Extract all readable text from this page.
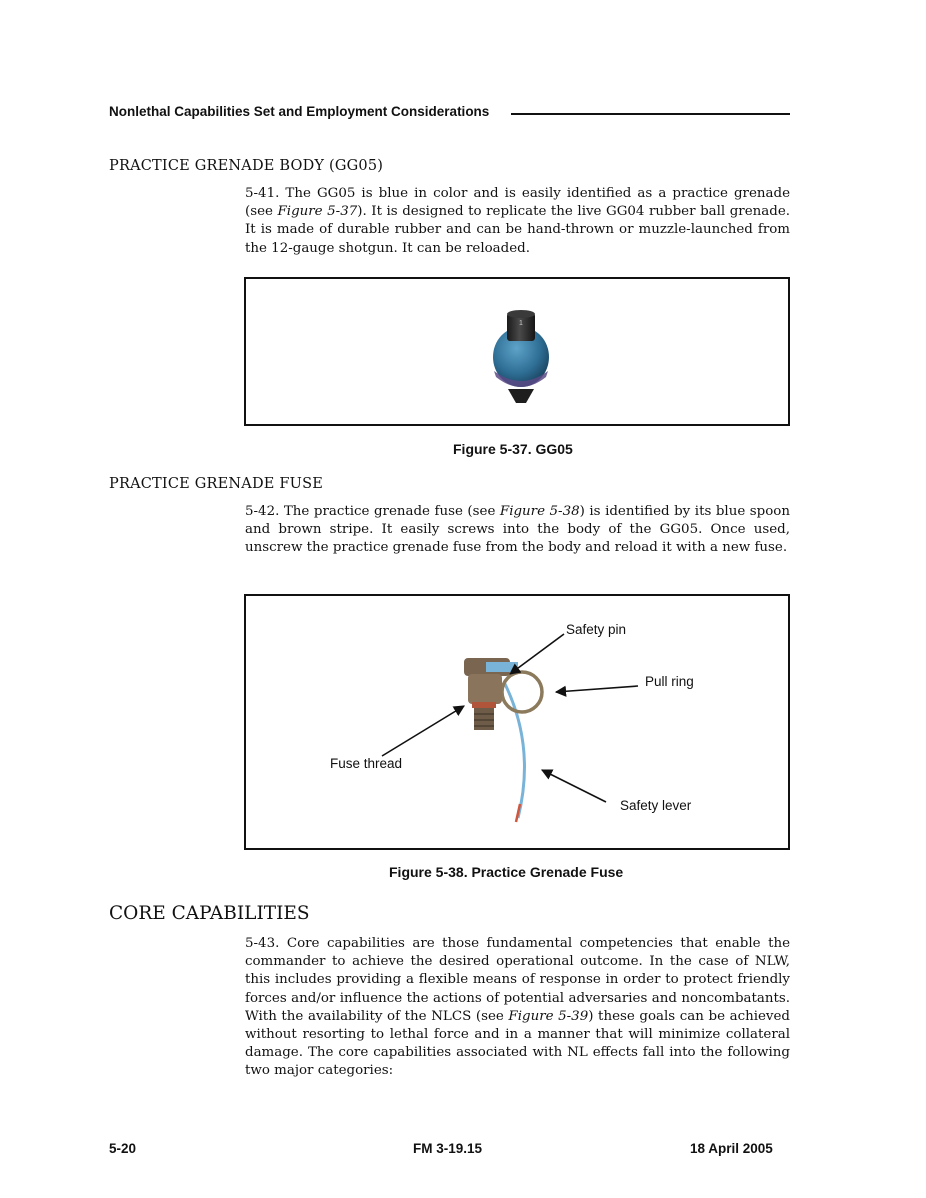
Nonlethal Capabilities Set and Employment Considerations
PRACTICE GRENADE BODY (GG05)
5-41. The GG05 is blue in color and is easily identified as a practice grenade (see Figure 5-37). It is designed to replicate the live GG04 rubber ball grenade. It is made of durable rubber and can be hand-thrown or muzzle-launched from the 12-gauge shotgun. It can be reloaded.
1
Figure 5-37. GG05
PRACTICE GRENADE FUSE
5-42. The practice grenade fuse (see Figure 5-38) is identified by its blue spoon and brown stripe. It easily screws into the body of the GG05. Once used, unscrew the practice grenade fuse from the body and reload it with a new fuse.
Safety pin
Pull ring
Fuse thread
Safety lever
Figure 5-38. Practice Grenade Fuse
CORE CAPABILITIES
5-43. Core capabilities are those fundamental competencies that enable the commander to achieve the desired operational outcome. In the case of NLW, this includes providing a flexible means of response in order to protect friendly forces and/or influence the actions of potential adversaries and noncombatants. With the availability of the NLCS (see Figure 5-39) these goals can be achieved without resorting to lethal force and in a manner that will minimize collateral damage. The core capabilities associated with NL effects fall into the following two major categories:
5-20	FM 3-19.15	18 April 2005
